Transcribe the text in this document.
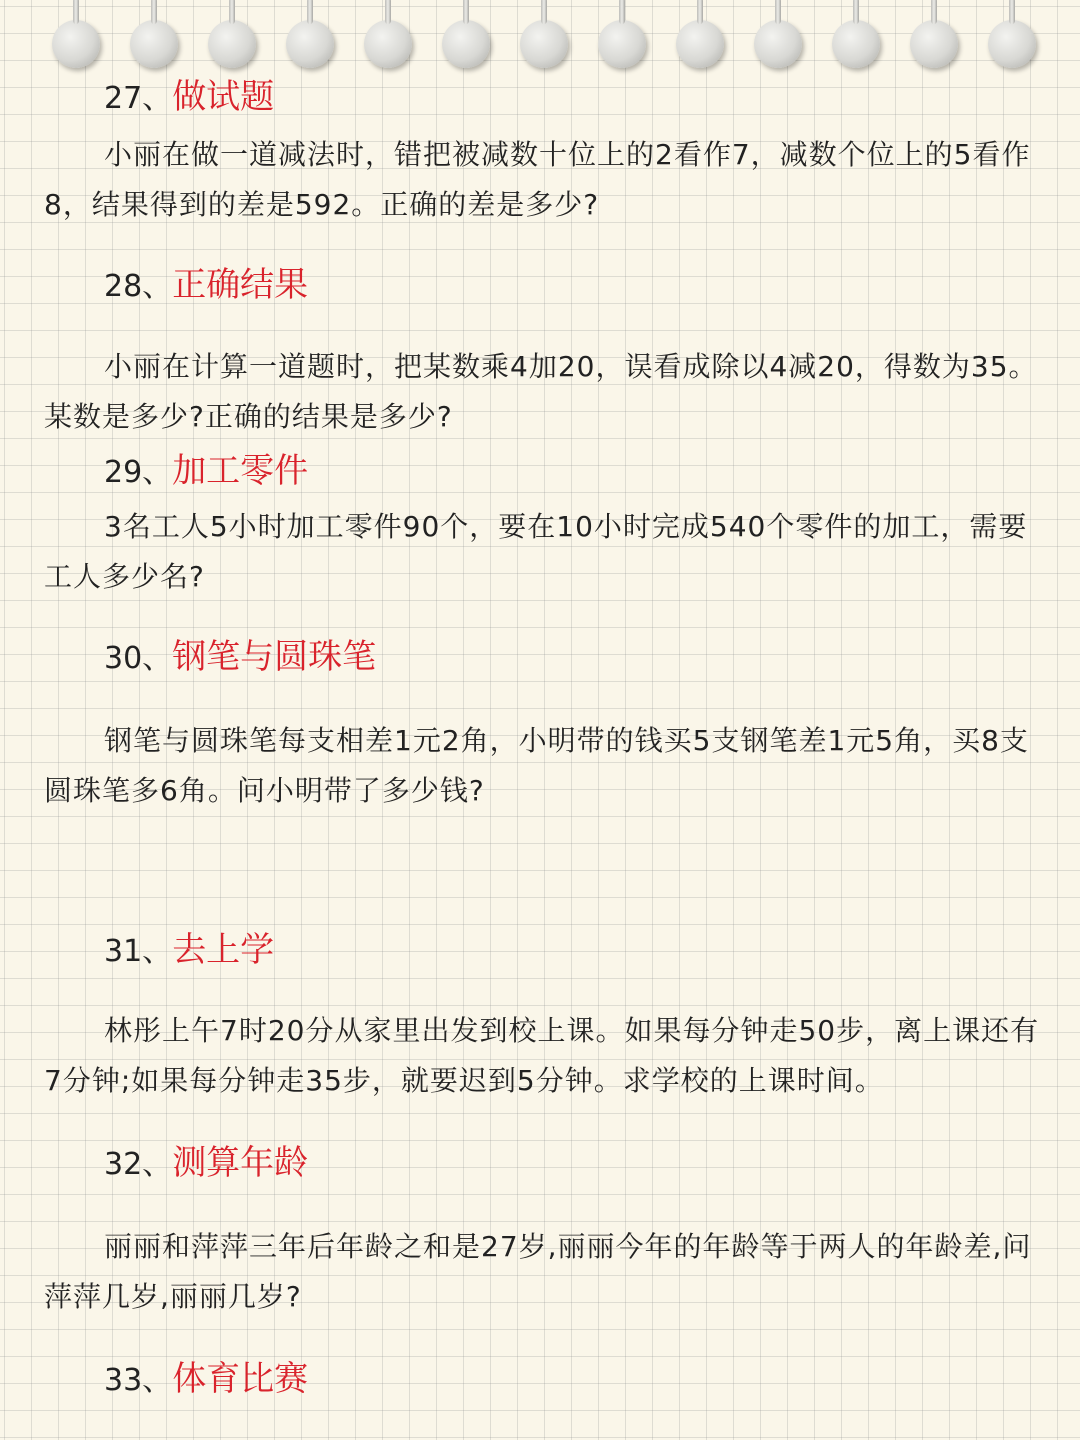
27、做试题

小丽在做一道减法时，错把被减数十位上的2看作7，减数个位上的5看作8，结果得到的差是592。正确的差是多少?

28、正确结果

小丽在计算一道题时，把某数乘4加20，误看成除以4减20，得数为35。某数是多少?正确的结果是多少?

29、加工零件

3名工人5小时加工零件90个，要在10小时完成540个零件的加工，需要工人多少名?

30、钢笔与圆珠笔

钢笔与圆珠笔每支相差1元2角，小明带的钱买5支钢笔差1元5角，买8支圆珠笔多6角。问小明带了多少钱?

31、去上学

林彤上午7时20分从家里出发到校上课。如果每分钟走50步，离上课还有7分钟;如果每分钟走35步，就要迟到5分钟。求学校的上课时间。

32、测算年龄

丽丽和萍萍三年后年龄之和是27岁,丽丽今年的年龄等于两人的年龄差,问萍萍几岁,丽丽几岁?

33、体育比赛
